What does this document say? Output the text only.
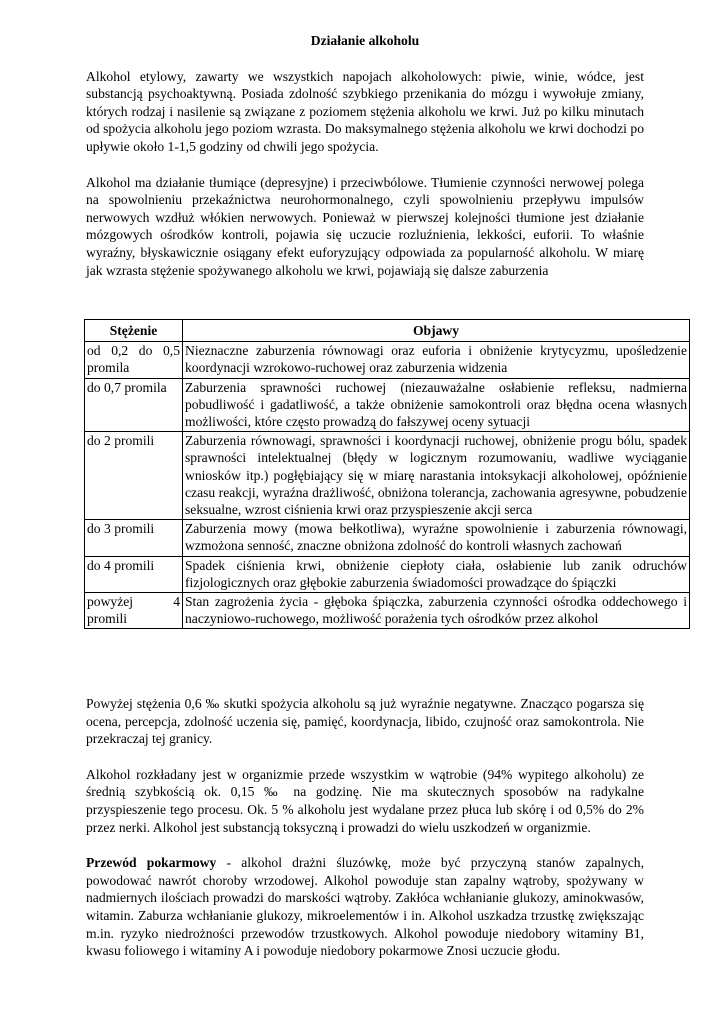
Działanie alkoholu

Alkohol etylowy, zawarty we wszystkich napojach alkoholowych: piwie, winie, wódce, jest substancją psychoaktywną. Posiada zdolność szybkiego przenikania do mózgu i wywołuje zmiany, których rodzaj i nasilenie są związane z poziomem stężenia alkoholu we krwi. Już po kilku minutach od spożycia alkoholu jego poziom wzrasta. Do maksymalnego stężenia alkoholu we krwi dochodzi po upływie około 1-1,5 godziny od chwili jego spożycia.

Alkohol ma działanie tłumiące (depresyjne) i przeciwbólowe. Tłumienie czynności nerwowej polega na spowolnieniu przekaźnictwa neurohormonalnego, czyli spowolnieniu przepływu impulsów nerwowych wzdłuż włókien nerwowych. Ponieważ w pierwszej kolejności tłumione jest działanie mózgowych ośrodków kontroli, pojawia się uczucie rozluźnienia, lekkości, euforii. To właśnie wyraźny, błyskawicznie osiągany efekt euforyzujący odpowiada za popularność alkoholu. W miarę jak wzrasta stężenie spożywanego alkoholu we krwi, pojawiają się dalsze zaburzenia

Stężenie	Objawy
od 0,2 do 0,5 promila	Nieznaczne zaburzenia równowagi oraz euforia i obniżenie krytycyzmu, upośledzenie koordynacji wzrokowo-ruchowej oraz zaburzenia widzenia
do 0,7 promila	Zaburzenia sprawności ruchowej (niezauważalne osłabienie refleksu, nadmierna pobudliwość i gadatliwość, a także obniżenie samokontroli oraz błędna ocena własnych możliwości, które często prowadzą do fałszywej oceny sytuacji
do 2 promili	Zaburzenia równowagi, sprawności i koordynacji ruchowej, obniżenie progu bólu, spadek sprawności intelektualnej (błędy w logicznym rozumowaniu, wadliwe wyciąganie wniosków itp.) pogłębiający się w miarę narastania intoksykacji alkoholowej, opóźnienie czasu reakcji, wyraźna drażliwość, obniżona tolerancja, zachowania agresywne, pobudzenie seksualne, wzrost ciśnienia krwi oraz przyspieszenie akcji serca
do 3 promili	Zaburzenia mowy (mowa bełkotliwa), wyraźne spowolnienie i zaburzenia równowagi, wzmożona senność, znaczne obniżona zdolność do kontroli własnych zachowań
do 4 promili	Spadek ciśnienia krwi, obniżenie ciepłoty ciała, osłabienie lub zanik odruchów fizjologicznych oraz głębokie zaburzenia świadomości prowadzące do śpiączki
powyżej 4 promili	Stan zagrożenia życia - głęboka śpiączka, zaburzenia czynności ośrodka oddechowego i naczyniowo-ruchowego, możliwość porażenia tych ośrodków przez alkohol

Powyżej stężenia 0,6 ‰ skutki spożycia alkoholu są już wyraźnie negatywne. Znacząco pogarsza się ocena, percepcja, zdolność uczenia się, pamięć, koordynacja, libido, czujność oraz samokontrola. Nie przekraczaj tej granicy.

Alkohol rozkładany jest w organizmie przede wszystkim w wątrobie (94% wypitego alkoholu) ze średnią szybkością ok. 0,15 ‰ na godzinę. Nie ma skutecznych sposobów na radykalne przyspieszenie tego procesu. Ok. 5 % alkoholu jest wydalane przez płuca lub skórę i od 0,5% do 2% przez nerki. Alkohol jest substancją toksyczną i prowadzi do wielu uszkodzeń w organizmie.

Przewód pokarmowy - alkohol drażni śluzówkę, może być przyczyną stanów zapalnych, powodować nawrót choroby wrzodowej. Alkohol powoduje stan zapalny wątroby, spożywany w nadmiernych ilościach prowadzi do marskości wątroby. Zakłóca wchłanianie glukozy, aminokwasów, witamin. Zaburza wchłanianie glukozy, mikroelementów i in. Alkohol uszkadza trzustkę zwiększając m.in. ryzyko niedrożności przewodów trzustkowych. Alkohol powoduje niedobory witaminy B1, kwasu foliowego i witaminy A i powoduje niedobory pokarmowe Znosi uczucie głodu.
